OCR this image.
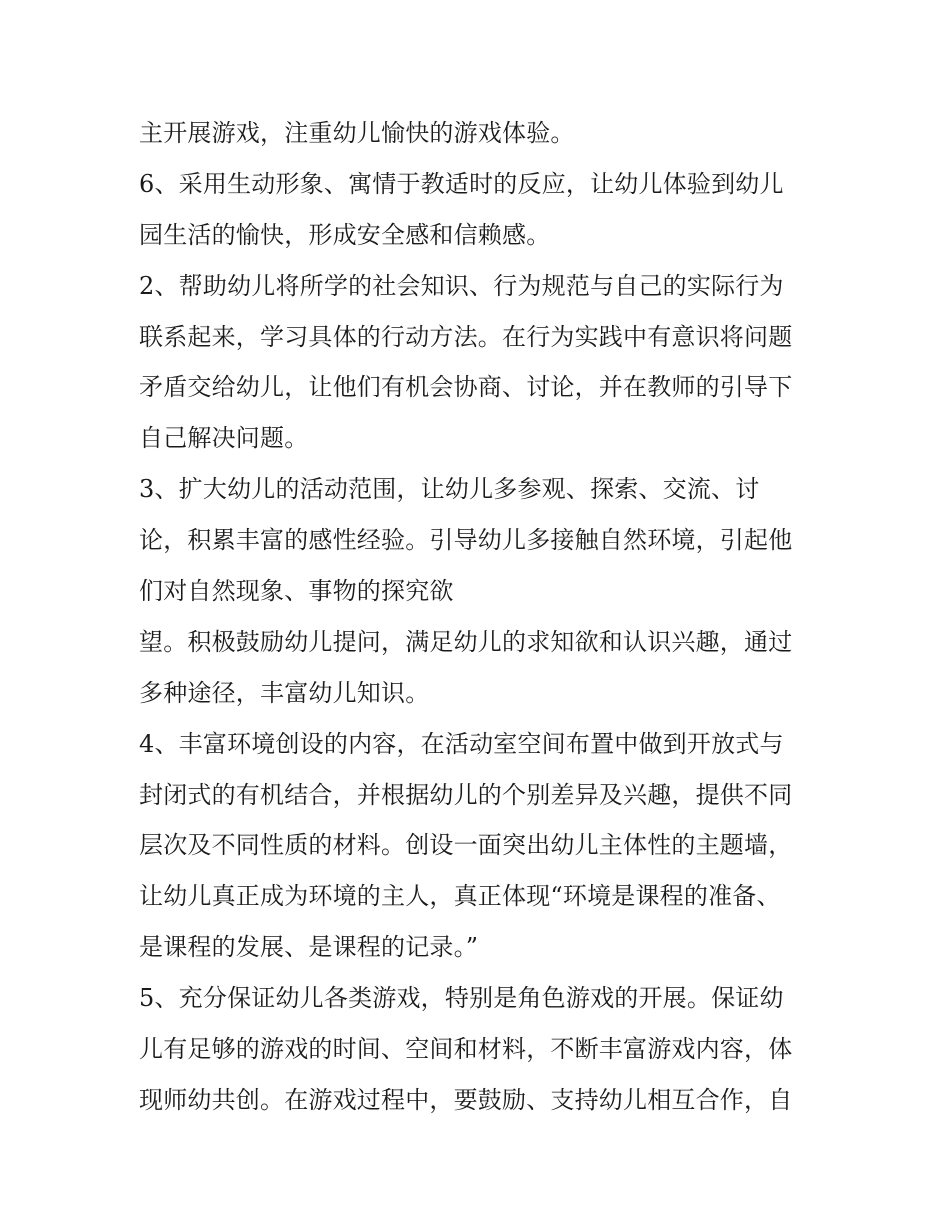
主开展游戏，注重幼儿愉快的游戏体验。
6、采用生动形象、寓情于教适时的反应，让幼儿体验到幼儿
园生活的愉快，形成安全感和信赖感。
2、帮助幼儿将所学的社会知识、行为规范与自己的实际行为
联系起来，学习具体的行动方法。在行为实践中有意识将问题
矛盾交给幼儿，让他们有机会协商、讨论，并在教师的引导下
自己解决问题。
3、扩大幼儿的活动范围，让幼儿多参观、探索、交流、讨
论，积累丰富的感性经验。引导幼儿多接触自然环境，引起他
们对自然现象、事物的探究欲
望。积极鼓励幼儿提问，满足幼儿的求知欲和认识兴趣，通过
多种途径，丰富幼儿知识。
4、丰富环境创设的内容，在活动室空间布置中做到开放式与
封闭式的有机结合，并根据幼儿的个别差异及兴趣，提供不同
层次及不同性质的材料。创设一面突出幼儿主体性的主题墙，
让幼儿真正成为环境的主人，真正体现“环境是课程的准备、
是课程的发展、是课程的记录。”
5、充分保证幼儿各类游戏，特别是角色游戏的开展。保证幼
儿有足够的游戏的时间、空间和材料，不断丰富游戏内容，体
现师幼共创。在游戏过程中，要鼓励、支持幼儿相互合作，自
